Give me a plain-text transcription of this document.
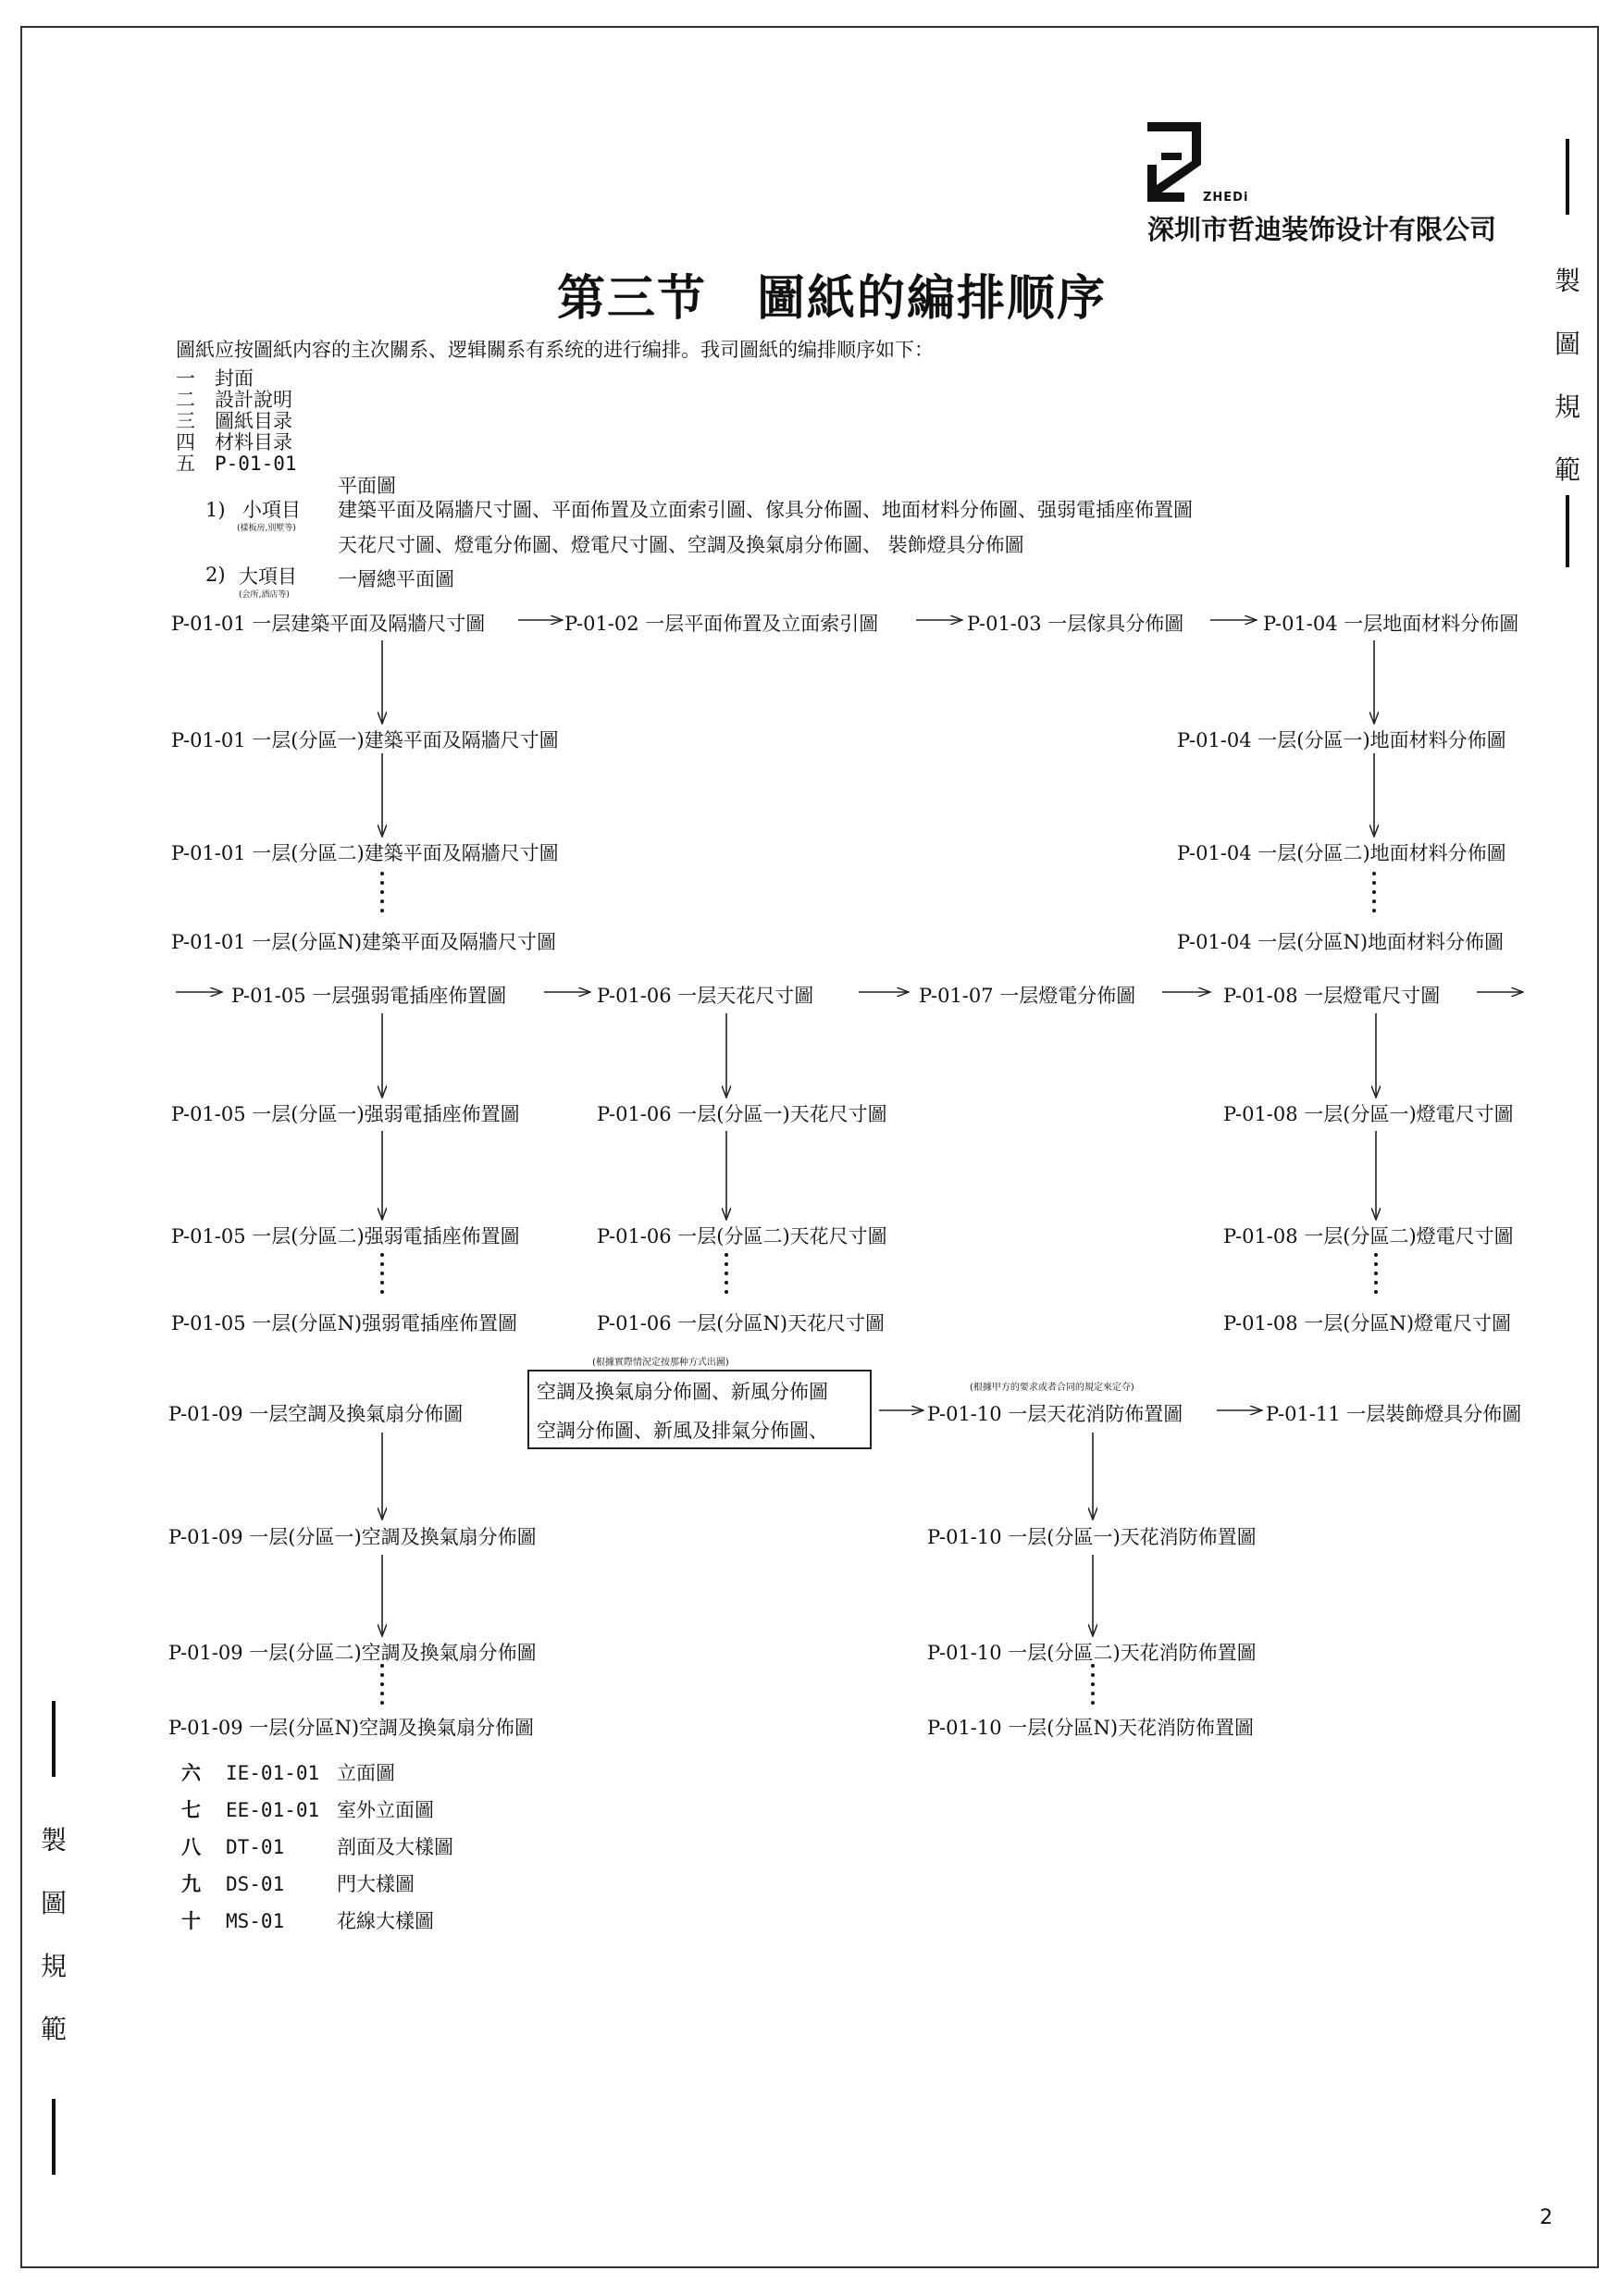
ZHEDi
深圳市哲迪装饰设计有限公司
製
圖
規
範
製
圖
規
範
第三节　圖紙的編排顺序
圖紙应按圖紙内容的主次關系、逻辑關系有系统的进行编排。我司圖紙的编排顺序如下：
一　 封面
二　 設計說明
三　 圖紙目录
四　 材料目录
五　 P-01-01
平面圖
1) 小項目
(樣板房,別墅等)
建築平面及隔牆尺寸圖、平面佈置及立面索引圖、傢具分佈圖、地面材料分佈圖、强弱電插座佈置圖
天花尺寸圖、燈電分佈圖、燈電尺寸圖、空調及換氣扇分佈圖、 裝飾燈具分佈圖
2) 大項目
(会所,酒店等)
一層總平面圖
P-01-01 一层建築平面及隔牆尺寸圖	P-01-02 一层平面佈置及立面索引圖	P-01-03 一层傢具分佈圖	P-01-04 一层地面材料分佈圖
P-01-01 一层(分區一)建築平面及隔牆尺寸圖
P-01-01 一层(分區二)建築平面及隔牆尺寸圖
P-01-01 一层(分區N)建築平面及隔牆尺寸圖
P-01-04 一层(分區一)地面材料分佈圖
P-01-04 一层(分區二)地面材料分佈圖
P-01-04 一层(分區N)地面材料分佈圖
P-01-05 一层强弱電插座佈置圖	P-01-06 一层天花尺寸圖	P-01-07 一层燈電分佈圖	P-01-08 一层燈電尺寸圖
P-01-05 一层(分區一)强弱電插座佈置圖
P-01-05 一层(分區二)强弱電插座佈置圖
P-01-05 一层(分區N)强弱電插座佈置圖
P-01-06 一层(分區一)天花尺寸圖
P-01-06 一层(分區二)天花尺寸圖
P-01-06 一层(分區N)天花尺寸圖
P-01-08 一层(分區一)燈電尺寸圖
P-01-08 一层(分區二)燈電尺寸圖
P-01-08 一层(分區N)燈電尺寸圖
(根據實際情況定按那种方式出圖)
(根據甲方的要求或者合同的規定來定夺)
空調及換氣扇分佈圖、新風分佈圖
空調分佈圖、新風及排氣分佈圖、
P-01-09 一层空調及換氣扇分佈圖	P-01-10 一层天花消防佈置圖	P-01-11 一层裝飾燈具分佈圖
P-01-09 一层(分區一)空調及換氣扇分佈圖
P-01-09 一层(分區二)空調及換氣扇分佈圖
P-01-09 一层(分區N)空調及換氣扇分佈圖
P-01-10 一层(分區一)天花消防佈置圖
P-01-10 一层(分區二)天花消防佈置圖
P-01-10 一层(分區N)天花消防佈置圖
六 IE-01-01 立面圖
七 EE-01-01 室外立面圖
八 DT-01	剖面及大樣圖
九 DS-01	門大樣圖
十 MS-01	花線大樣圖
2
